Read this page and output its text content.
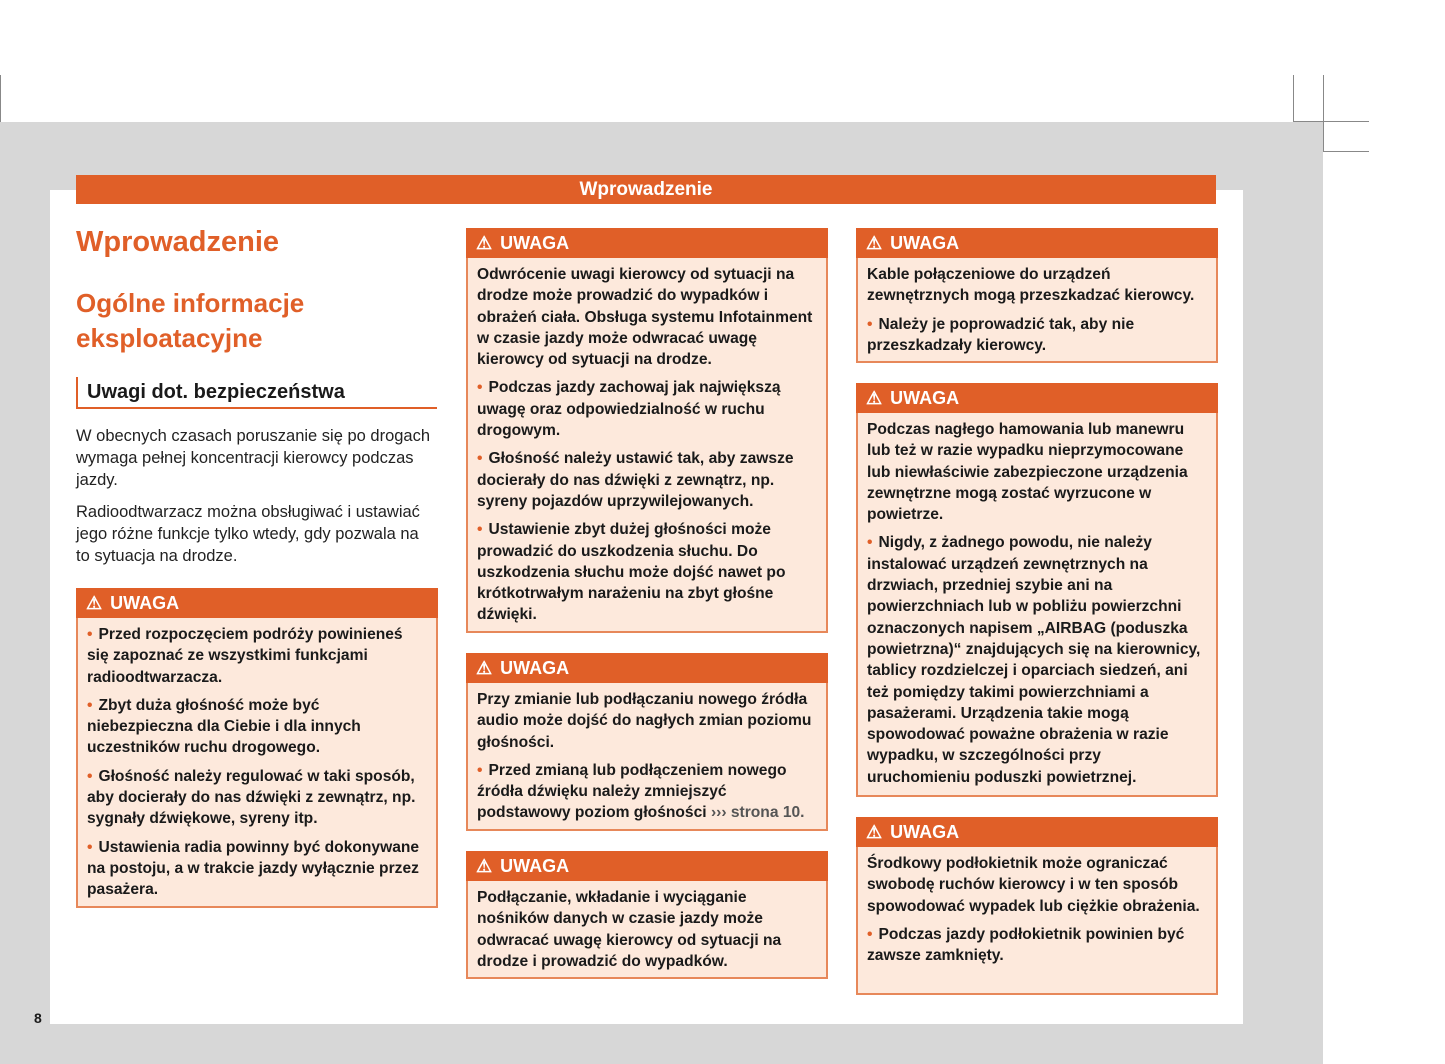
Wprowadzenie
Wprowadzenie
Ogólne informacje eksploatacyjne
Uwagi dot. bezpieczeństwa

W obecnych czasach poruszanie się po drogach wymaga pełnej koncentracji kierowcy podczas jazdy.

Radioodtwarzacz można obsługiwać i ustawiać jego różne funkcje tylko wtedy, gdy pozwala na to sytuacja na drodze.

⚠ UWAGA

• Przed rozpoczęciem podróży powinieneś się zapoznać ze wszystkimi funkcjami radioodtwarzacza.

• Zbyt duża głośność może być niebezpieczna dla Ciebie i dla innych uczestników ruchu drogowego.

• Głośność należy regulować w taki sposób, aby docierały do nas dźwięki z zewnątrz, np. sygnały dźwiękowe, syreny itp.

• Ustawienia radia powinny być dokonywane na postoju, a w trakcie jazdy wyłącznie przez pasażera.

⚠ UWAGA

Odwrócenie uwagi kierowcy od sytuacji na drodze może prowadzić do wypadków i obrażeń ciała. Obsługa systemu Infotainment w czasie jazdy może odwracać uwagę kierowcy od sytuacji na drodze.

• Podczas jazdy zachowaj jak największą uwagę oraz odpowiedzialność w ruchu drogowym.

• Głośność należy ustawić tak, aby zawsze docierały do nas dźwięki z zewnątrz, np. syreny pojazdów uprzywilejowanych.

• Ustawienie zbyt dużej głośności może prowadzić do uszkodzenia słuchu. Do uszkodzenia słuchu może dojść nawet po krótkotrwałym narażeniu na zbyt głośne dźwięki.

⚠ UWAGA

Przy zmianie lub podłączaniu nowego źródła audio może dojść do nagłych zmian poziomu głośności.

• Przed zmianą lub podłączeniem nowego źródła dźwięku należy zmniejszyć podstawowy poziom głośności ››› strona 10.

⚠ UWAGA

Podłączanie, wkładanie i wyciąganie nośników danych w czasie jazdy może odwracać uwagę kierowcy od sytuacji na drodze i prowadzić do wypadków.

⚠ UWAGA

Kable połączeniowe do urządzeń zewnętrznych mogą przeszkadzać kierowcy.

• Należy je poprowadzić tak, aby nie przeszkadzały kierowcy.

⚠ UWAGA

Podczas nagłego hamowania lub manewru lub też w razie wypadku nieprzymocowane lub niewłaściwie zabezpieczone urządzenia zewnętrzne mogą zostać wyrzucone w powietrze.

• Nigdy, z żadnego powodu, nie należy instalować urządzeń zewnętrznych na drzwiach, przedniej szybie ani na powierzchniach lub w pobliżu powierzchni oznaczonych napisem „AIRBAG (poduszka powietrzna)“ znajdujących się na kierownicy, tablicy rozdzielczej i oparciach siedzeń, ani też pomiędzy takimi powierzchniami a pasażerami. Urządzenia takie mogą spowodować poważne obrażenia w razie wypadku, w szczególności przy uruchomieniu poduszki powietrznej.

⚠ UWAGA

Środkowy podłokietnik może ograniczać swobodę ruchów kierowcy i w ten sposób spowodować wypadek lub ciężkie obrażenia.

• Podczas jazdy podłokietnik powinien być zawsze zamknięty.

8
